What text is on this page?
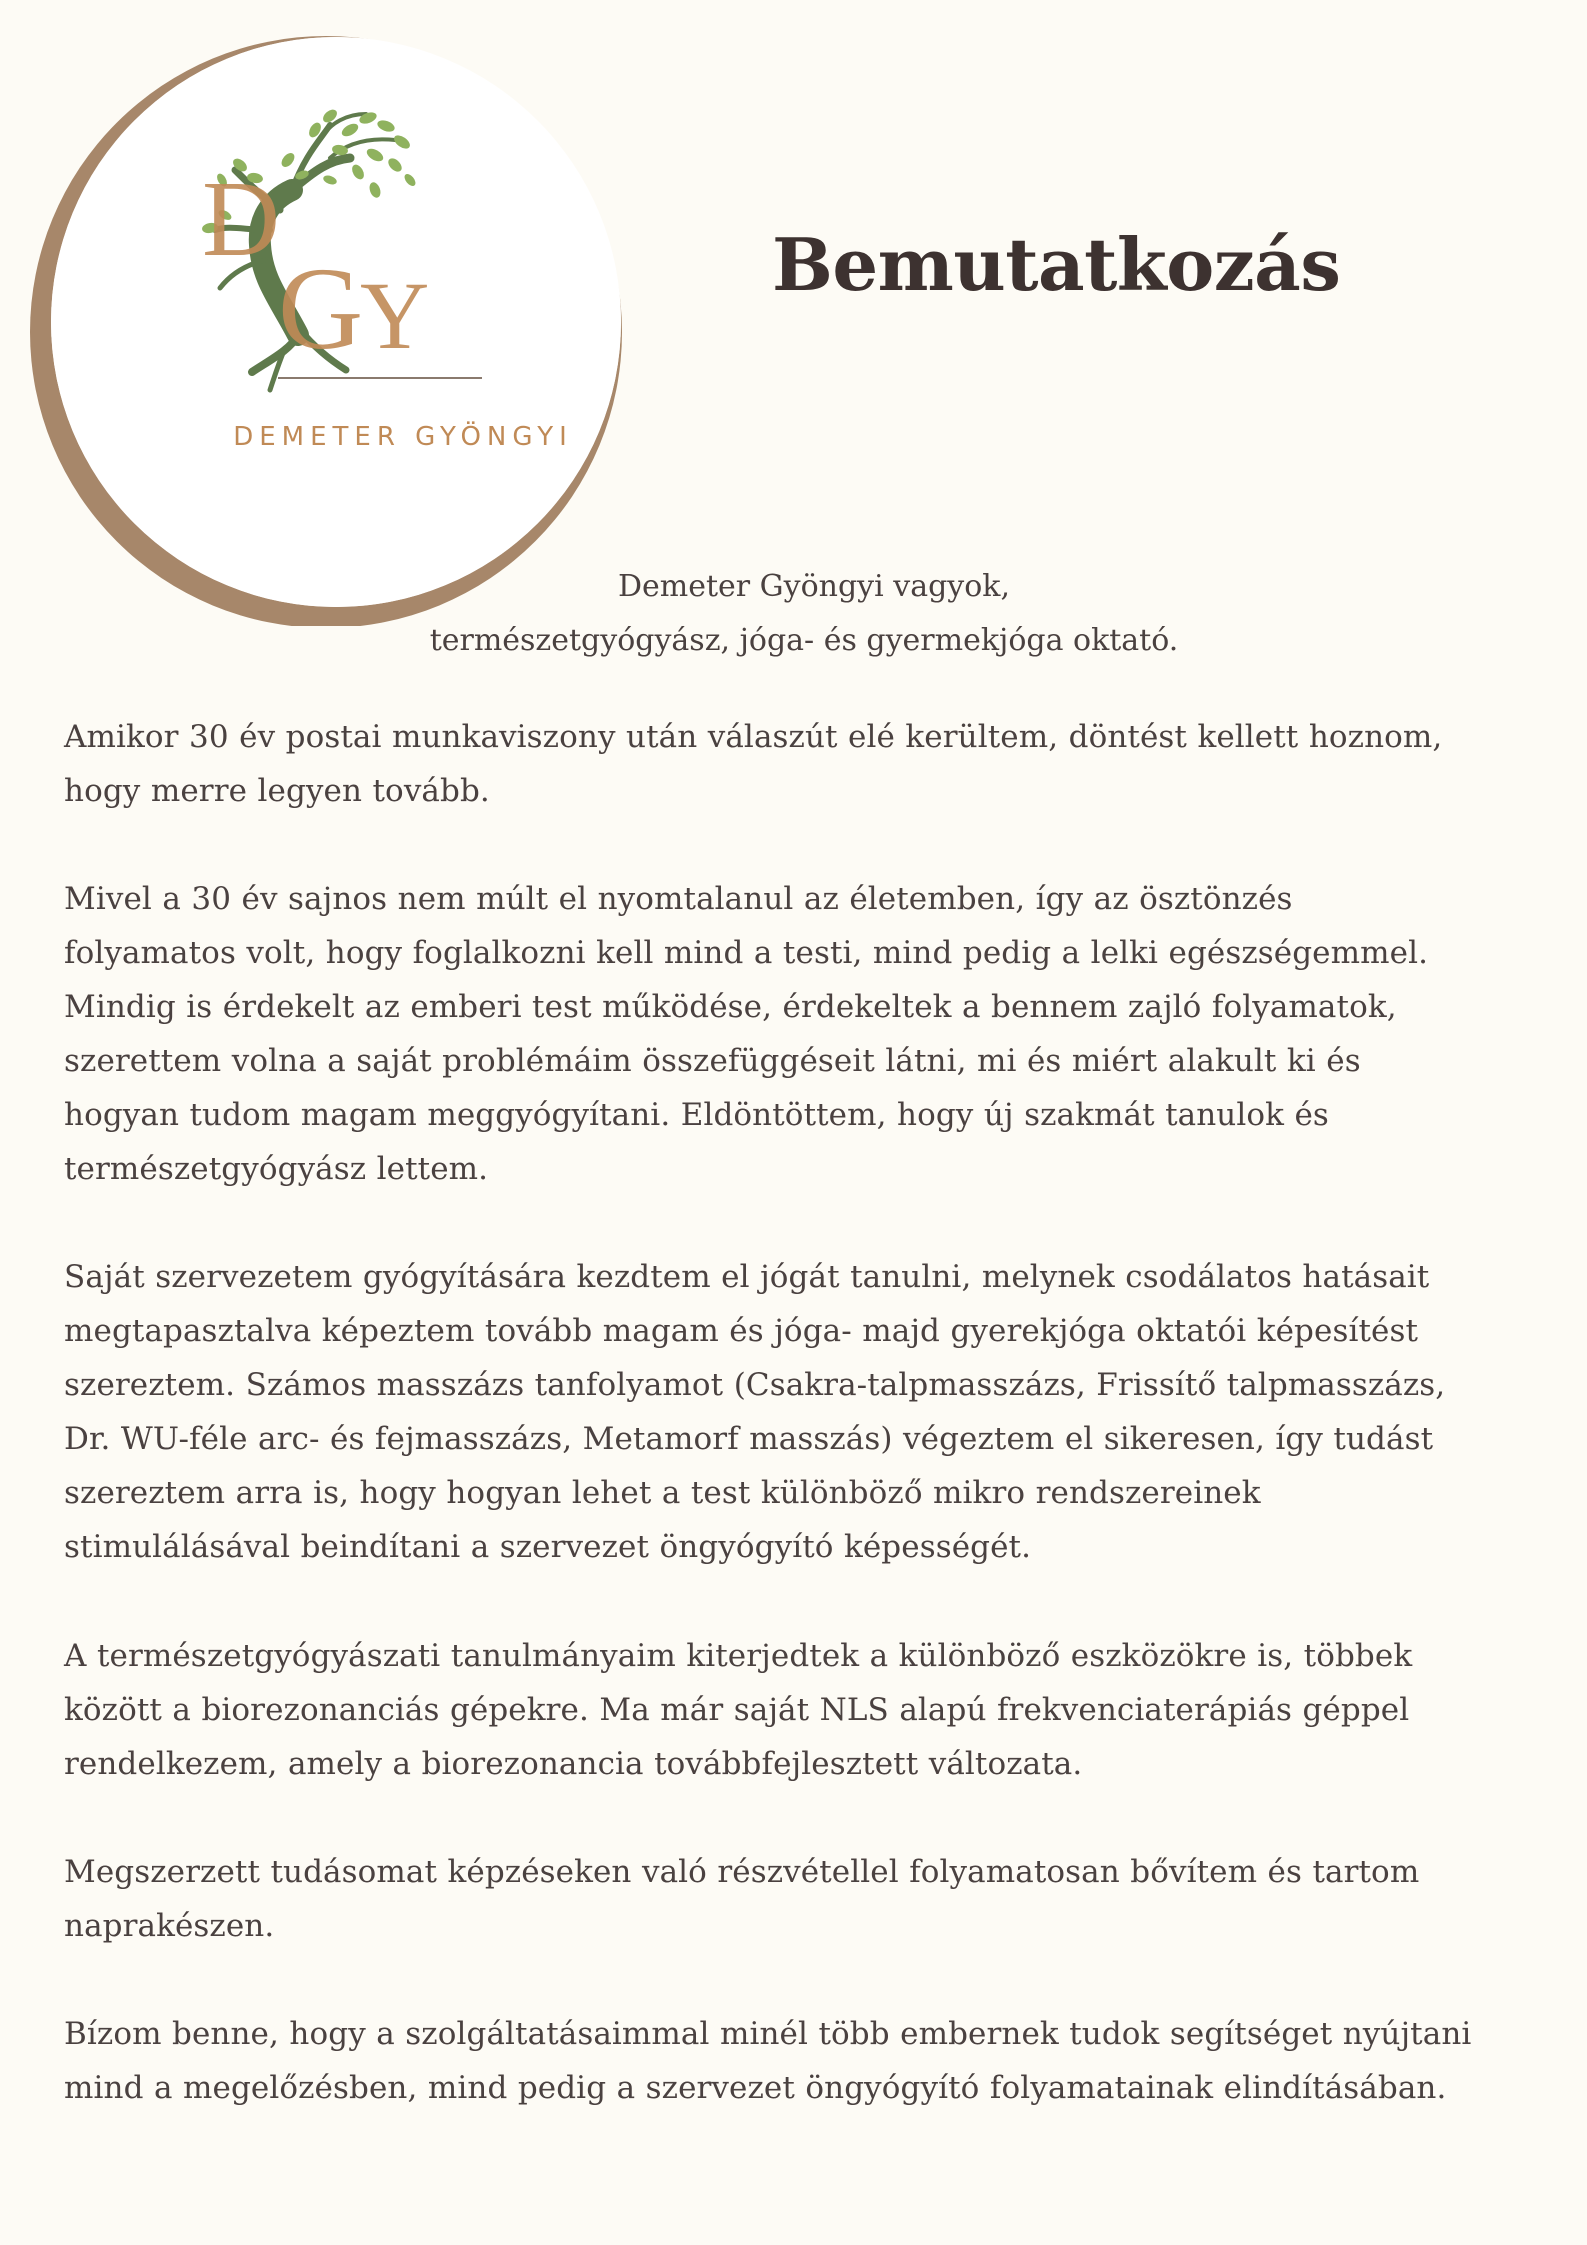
D
G
Y
DEMETER GYÖNGYI
Bemutatkozás
Demeter Gyöngyi vagyok,
természetgyógyász, jóga- és gyermekjóga oktató.

Amikor 30 év postai munkaviszony után válaszút elé kerültem, döntést kellett hoznom,
hogy merre legyen tovább.

Mivel a 30 év sajnos nem múlt el nyomtalanul az életemben, így az ösztönzés
folyamatos volt, hogy foglalkozni kell mind a testi, mind pedig a lelki egészségemmel.
Mindig is érdekelt az emberi test működése, érdekeltek a bennem zajló folyamatok,
szerettem volna a saját problémáim összefüggéseit látni, mi és miért alakult ki és
hogyan tudom magam meggyógyítani. Eldöntöttem, hogy új szakmát tanulok és
természetgyógyász lettem.

Saját szervezetem gyógyítására kezdtem el jógát tanulni, melynek csodálatos hatásait
megtapasztalva képeztem tovább magam és jóga- majd gyerekjóga oktatói képesítést
szereztem. Számos masszázs tanfolyamot (Csakra-talpmasszázs, Frissítő talpmasszázs,
Dr. WU-féle arc- és fejmasszázs, Metamorf masszás) végeztem el sikeresen, így tudást
szereztem arra is, hogy hogyan lehet a test különböző mikro rendszereinek
stimulálásával beindítani a szervezet öngyógyító képességét.

A természetgyógyászati tanulmányaim kiterjedtek a különböző eszközökre is, többek
között a biorezonanciás gépekre. Ma már saját NLS alapú frekvenciaterápiás géppel
rendelkezem, amely a biorezonancia továbbfejlesztett változata.

Megszerzett tudásomat képzéseken való részvétellel folyamatosan bővítem és tartom
naprakészen.

Bízom benne, hogy a szolgáltatásaimmal minél több embernek tudok segítséget nyújtani
mind a megelőzésben, mind pedig a szervezet öngyógyító folyamatainak elindításában.
